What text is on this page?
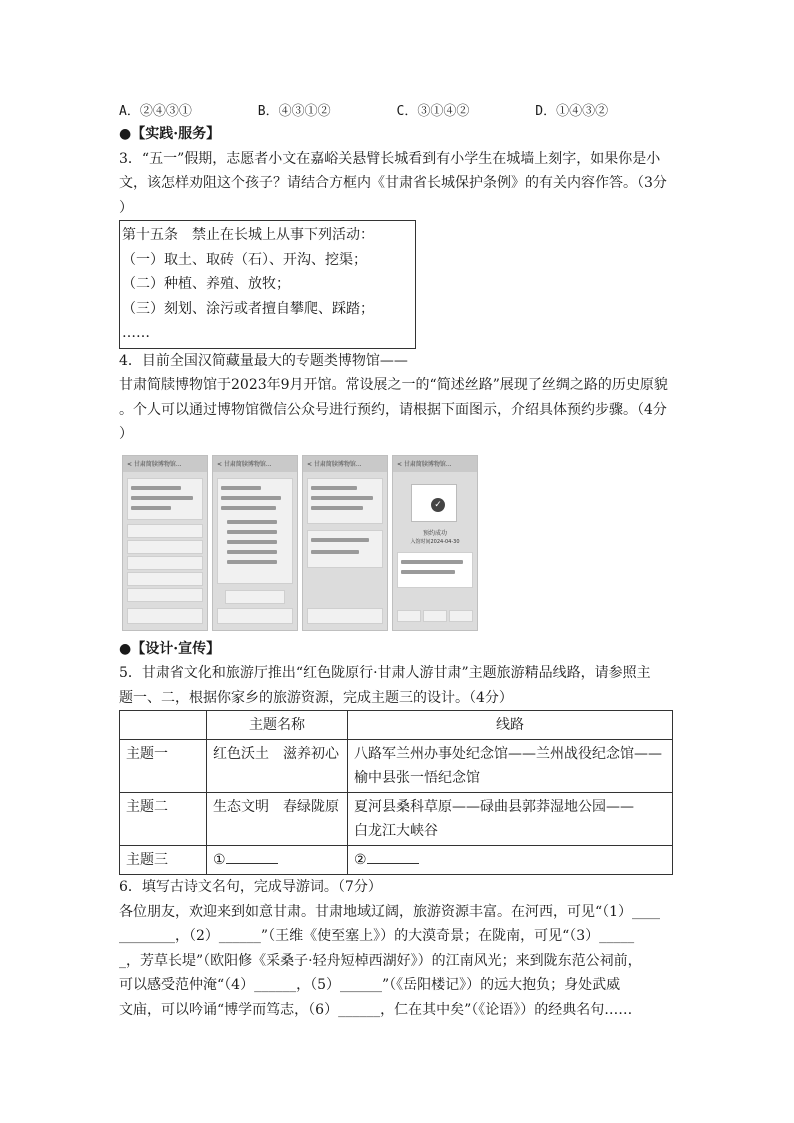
A．②④③①	B．④③①②	C．③①④②	D．①④③②
●【实践·服务】
3．“五一”假期，志愿者小文在嘉峪关悬臂长城看到有小学生在城墙上刻字，如果你是小
文，该怎样劝阻这个孩子？请结合方框内《甘肃省长城保护条例》的有关内容作答。（3分
）
第十五条　禁止在长城上从事下列活动：
（一）取土、取砖（石）、开沟、挖渠；
（二）种植、养殖、放牧；
（三）刻划、涂污或者擅自攀爬、踩踏；
……
4．目前全国汉简藏量最大的专题类博物馆——
甘肃简牍博物馆于2023年9月开馆。常设展之一的“简述丝路”展现了丝绸之路的历史原貌
。个人可以通过博物馆微信公众号进行预约，请根据下面图示，介绍具体预约步骤。（4分
）
< 甘肃简牍博物馆...	< 甘肃简牍博物馆...	< 甘肃简牍博物馆...	< 甘肃简牍博物馆...
✓
预约成功
入馆时间2024-04-30
●【设计·宣传】
5．甘肃省文化和旅游厅推出“红色陇原行·甘肃人游甘肃”主题旅游精品线路，请参照主
题一、二，根据你家乡的旅游资源，完成主题三的设计。（4分）
	主题名称	线路
主题一	红色沃土　滋养初心	八路军兰州办事处纪念馆——兰州战役纪念馆——
榆中县张一悟纪念馆

主题二	生态文明　春绿陇原	夏河县桑科草原——碌曲县郭莽湿地公园——
白龙江大峡谷

主题三	①	②
6．填写古诗文名句，完成导游词。（7分）
各位朋友，欢迎来到如意甘肃。甘肃地域辽阔，旅游资源丰富。在河西，可见“（1）____
________，（2）______”（王维《使至塞上》）的大漠奇景；在陇南，可见“（3）_____
_，芳草长堤”（欧阳修《采桑子·轻舟短棹西湖好》）的江南风光；来到陇东范公祠前，
可以感受范仲淹“（4）______，（5）______”（《岳阳楼记》）的远大抱负；身处武威
文庙，可以吟诵“博学而笃志，（6）______，仁在其中矣”（《论语》）的经典名句……
